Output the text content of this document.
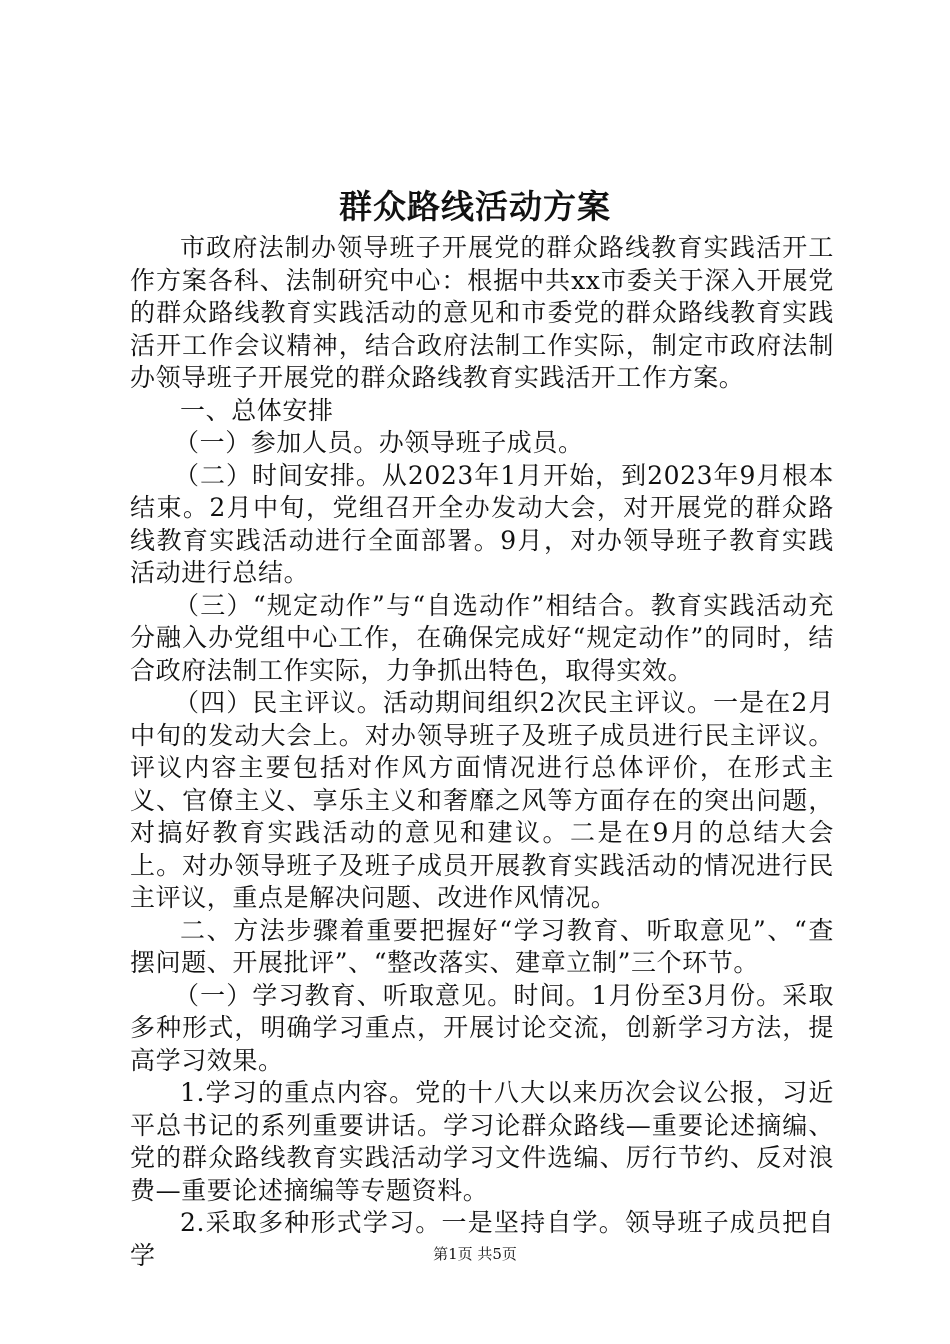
群众路线活动方案

市政府法制办领导班子开展党的群众路线教育实践活开工作方案各科、法制研究中心：根据中共xx市委关于深入开展党的群众路线教育实践活动的意见和市委党的群众路线教育实践活开工作会议精神，结合政府法制工作实际，制定市政府法制办领导班子开展党的群众路线教育实践活开工作方案。

一、总体安排

（一）参加人员。办领导班子成员。

（二）时间安排。从2023年1月开始，到2023年9月根本结束。2月中旬，党组召开全办发动大会，对开展党的群众路线教育实践活动进行全面部署。9月，对办领导班子教育实践活动进行总结。

（三）“规定动作”与“自选动作”相结合。教育实践活动充分融入办党组中心工作，在确保完成好“规定动作”的同时，结合政府法制工作实际，力争抓出特色，取得实效。

（四）民主评议。活动期间组织2次民主评议。一是在2月中旬的发动大会上。对办领导班子及班子成员进行民主评议。评议内容主要包括对作风方面情况进行总体评价，在形式主义、官僚主义、享乐主义和奢靡之风等方面存在的突出问题，对搞好教育实践活动的意见和建议。二是在9月的总结大会上。对办领导班子及班子成员开展教育实践活动的情况进行民主评议，重点是解决问题、改进作风情况。

二、方法步骤着重要把握好“学习教育、听取意见”、“查摆问题、开展批评”、“整改落实、建章立制”三个环节。

（一）学习教育、听取意见。时间。1月份至3月份。采取多种形式，明确学习重点，开展讨论交流，创新学习方法，提高学习效果。

1.学习的重点内容。党的十八大以来历次会议公报，习近平总书记的系列重要讲话。学习论群众路线—重要论述摘编、党的群众路线教育实践活动学习文件选编、厉行节约、反对浪费—重要论述摘编等专题资料。

2.采取多种形式学习。一是坚持自学。领导班子成员把自学	第1页 共5页
